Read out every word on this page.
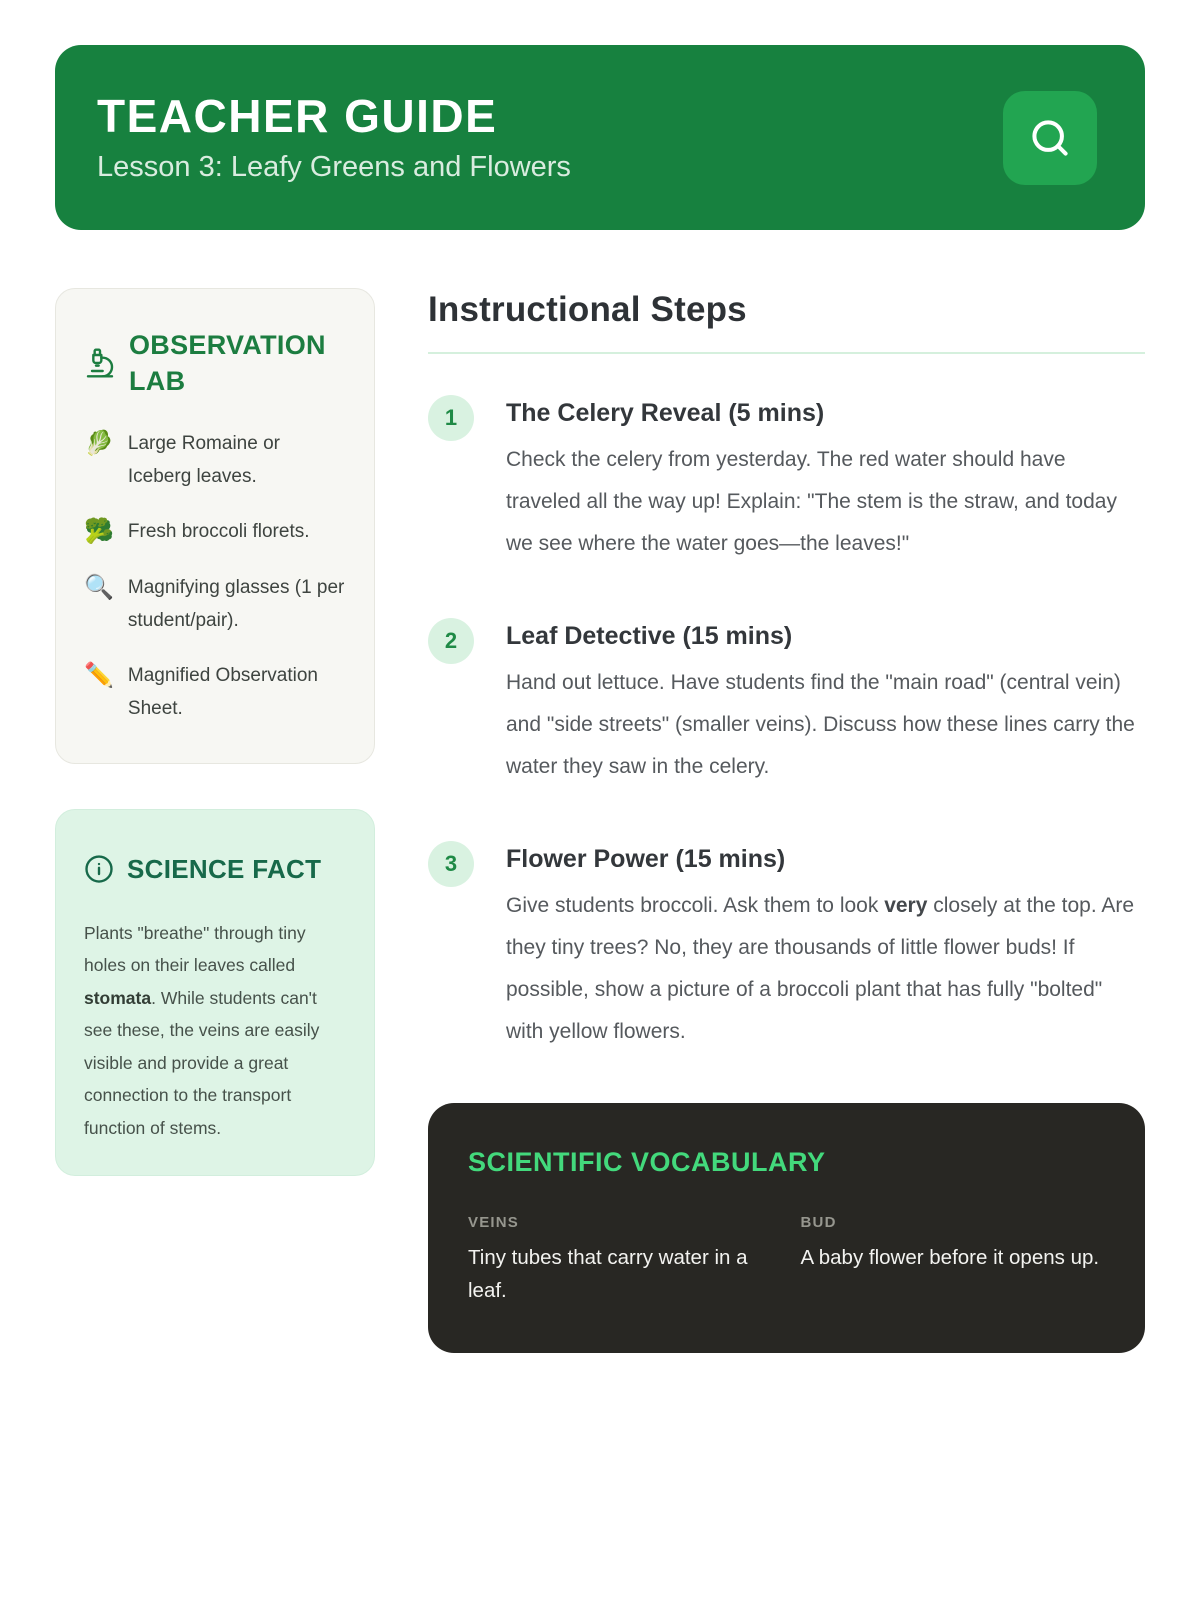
TEACHER GUIDE

Lesson 3: Leafy Greens and Flowers

OBSERVATION LAB
🥬 Large Romaine or Iceberg leaves.
🥦 Fresh broccoli florets.
🔍 Magnifying glasses (1 per student/pair).
✏️ Magnified Observation Sheet.
SCIENCE FACT

Plants "breathe" through tiny holes on their leaves called stomata. While students can't see these, the veins are easily visible and provide a great connection to the transport function of stems.

Instructional Steps
1	The Celery Reveal (5 mins)

Check the celery from yesterday. The red water should have traveled all the way up! Explain: "The stem is the straw, and today we see where the water goes—the leaves!"

2	Leaf Detective (15 mins)

Hand out lettuce. Have students find the "main road" (central vein) and "side streets" (smaller veins). Discuss how these lines carry the water they saw in the celery.

3	Flower Power (15 mins)

Give students broccoli. Ask them to look very closely at the top. Are they tiny trees? No, they are thousands of little flower buds! If possible, show a picture of a broccoli plant that has fully "bolted" with yellow flowers.

SCIENTIFIC VOCABULARY
VEINS
Tiny tubes that carry water in a leaf.
BUD
A baby flower before it opens up.
